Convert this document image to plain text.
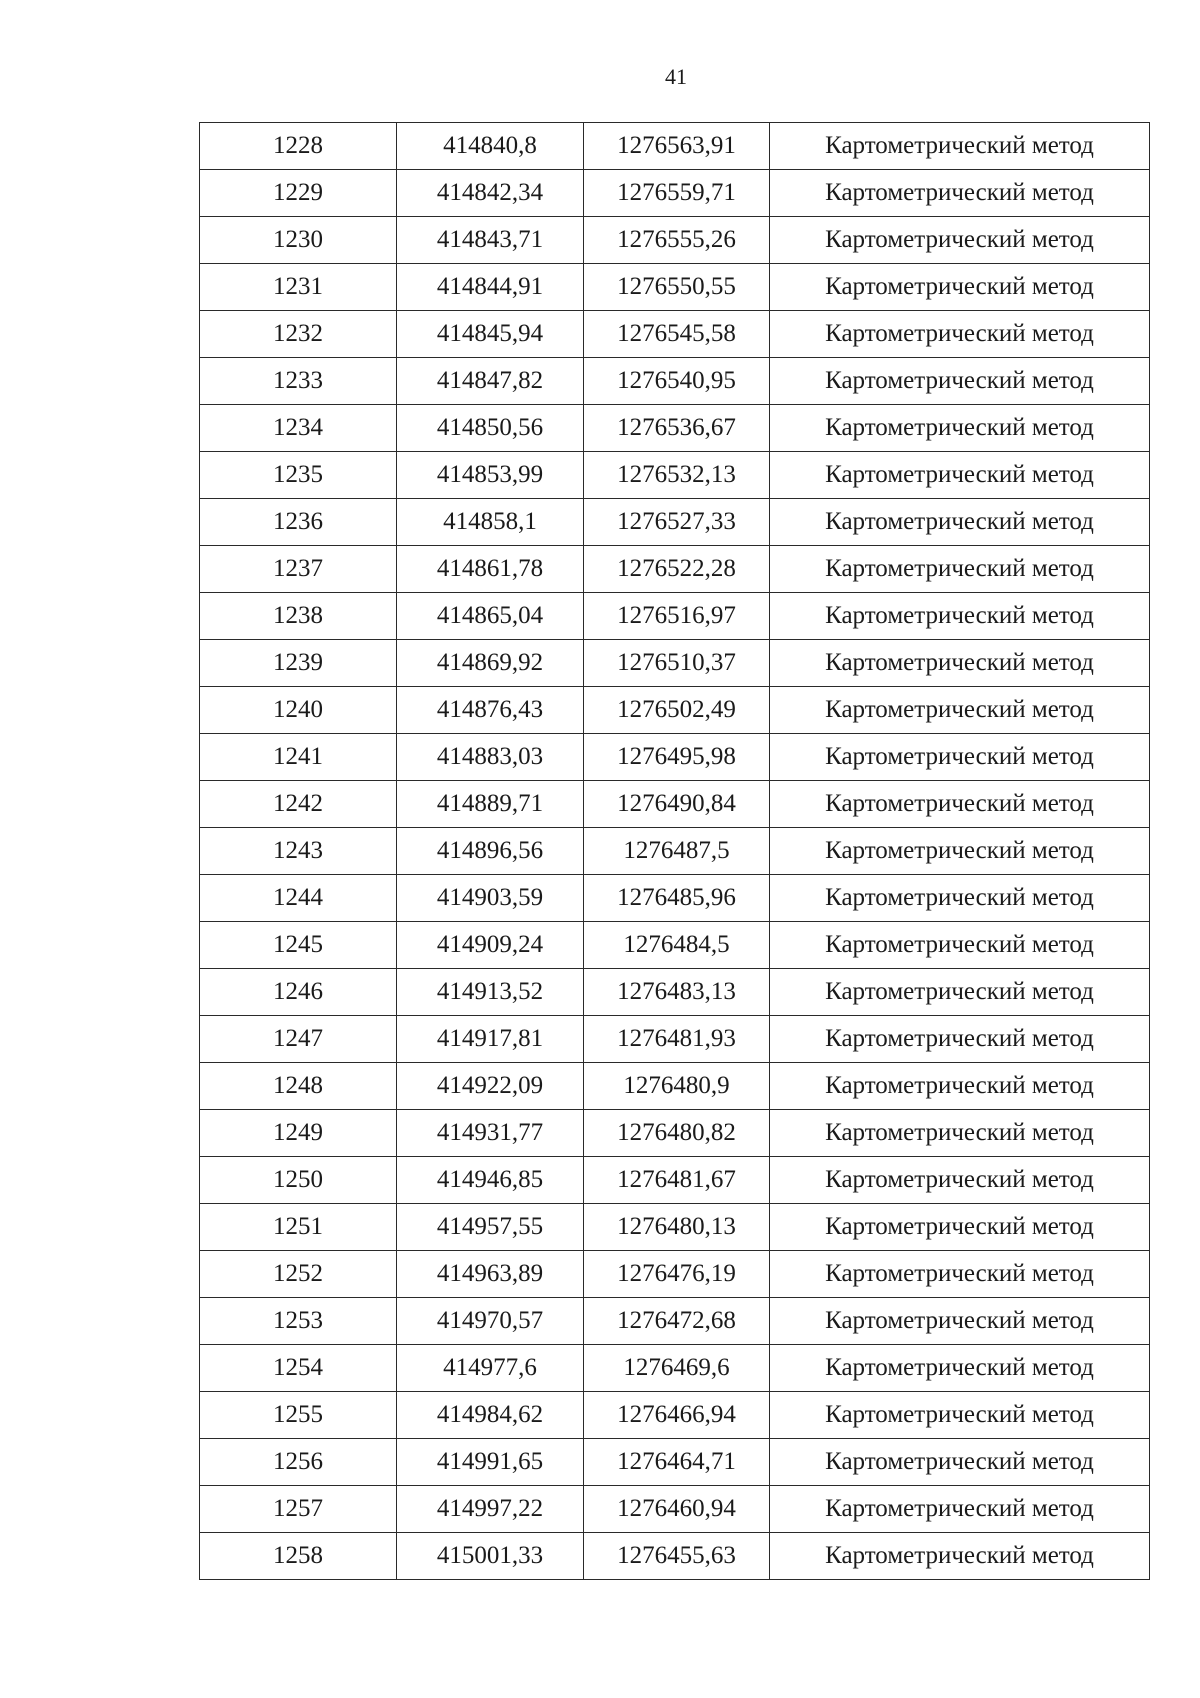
41
1228	414840,8	1276563,91	Картометрический метод
1229	414842,34	1276559,71	Картометрический метод
1230	414843,71	1276555,26	Картометрический метод
1231	414844,91	1276550,55	Картометрический метод
1232	414845,94	1276545,58	Картометрический метод
1233	414847,82	1276540,95	Картометрический метод
1234	414850,56	1276536,67	Картометрический метод
1235	414853,99	1276532,13	Картометрический метод
1236	414858,1	1276527,33	Картометрический метод
1237	414861,78	1276522,28	Картометрический метод
1238	414865,04	1276516,97	Картометрический метод
1239	414869,92	1276510,37	Картометрический метод
1240	414876,43	1276502,49	Картометрический метод
1241	414883,03	1276495,98	Картометрический метод
1242	414889,71	1276490,84	Картометрический метод
1243	414896,56	1276487,5	Картометрический метод
1244	414903,59	1276485,96	Картометрический метод
1245	414909,24	1276484,5	Картометрический метод
1246	414913,52	1276483,13	Картометрический метод
1247	414917,81	1276481,93	Картометрический метод
1248	414922,09	1276480,9	Картометрический метод
1249	414931,77	1276480,82	Картометрический метод
1250	414946,85	1276481,67	Картометрический метод
1251	414957,55	1276480,13	Картометрический метод
1252	414963,89	1276476,19	Картометрический метод
1253	414970,57	1276472,68	Картометрический метод
1254	414977,6	1276469,6	Картометрический метод
1255	414984,62	1276466,94	Картометрический метод
1256	414991,65	1276464,71	Картометрический метод
1257	414997,22	1276460,94	Картометрический метод
1258	415001,33	1276455,63	Картометрический метод
